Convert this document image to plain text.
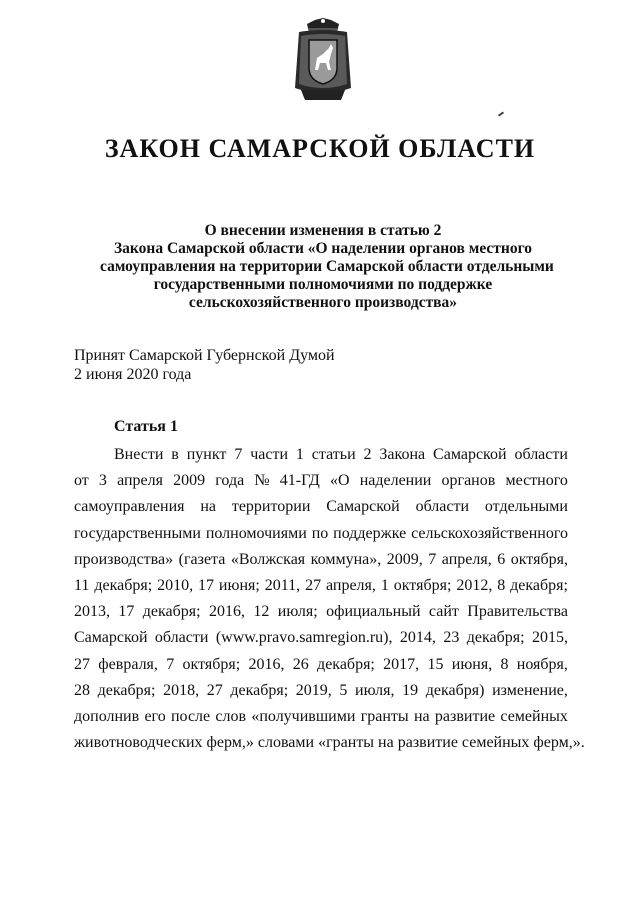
ЗАКОН САМАРСКОЙ ОБЛАСТИ
О внесении изменения в статью 2
Закона Самарской области «О наделении органов местного
самоуправления на территории Самарской области отдельными
государственными полномочиями по поддержке
сельскохозяйственного производства»
Принят Самарской Губернской Думой
2 июня 2020 года
Статья 1
Внести в пункт 7 части 1 статьи 2 Закона Самарской области
от 3 апреля 2009 года № 41-ГД «О наделении органов местного
самоуправления на территории Самарской области отдельными
государственными полномочиями по поддержке сельскохозяйственного
производства» (газета «Волжская коммуна», 2009, 7 апреля, 6 октября,
11 декабря; 2010, 17 июня; 2011, 27 апреля, 1 октября; 2012, 8 декабря;
2013, 17 декабря; 2016, 12 июля; официальный сайт Правительства
Самарской области (www.pravo.samregion.ru), 2014, 23 декабря; 2015,
27 февраля, 7 октября; 2016, 26 декабря; 2017, 15 июня, 8 ноября,
28 декабря; 2018, 27 декабря; 2019, 5 июля, 19 декабря) изменение,
дополнив его после слов «получившими гранты на развитие семейных
животноводческих ферм,» словами «гранты на развитие семейных ферм,».
